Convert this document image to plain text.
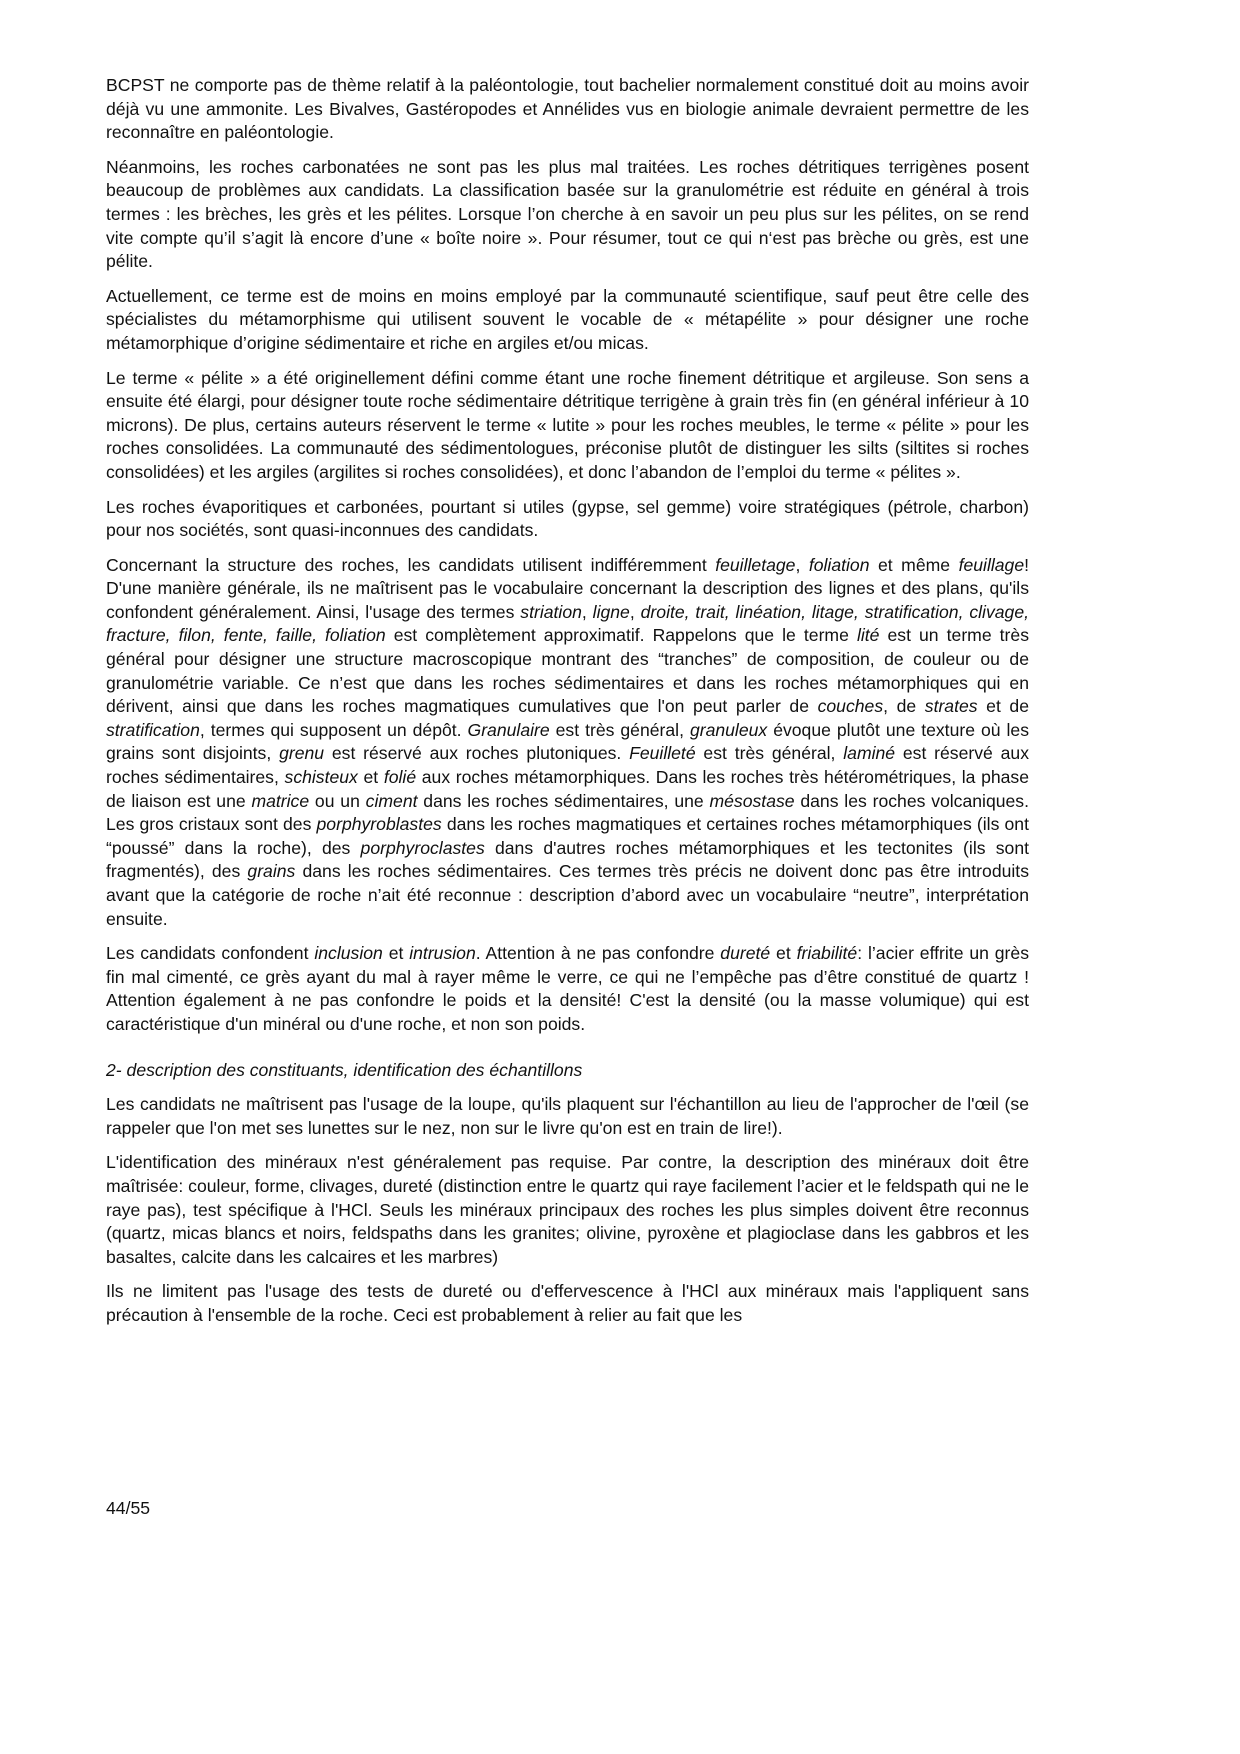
BCPST ne comporte pas de thème relatif à la paléontologie, tout bachelier normalement constitué doit au moins avoir déjà vu une ammonite. Les Bivalves, Gastéropodes et Annélides vus en biologie animale devraient permettre de les reconnaître en paléontologie.

Néanmoins, les roches carbonatées ne sont pas les plus mal traitées. Les roches détritiques terrigènes posent beaucoup de problèmes aux candidats. La classification basée sur la granulométrie est réduite en général à trois termes : les brèches, les grès et les pélites. Lorsque l’on cherche à en savoir un peu plus sur les pélites, on se rend vite compte qu’il s’agit là encore d’une « boîte noire ». Pour résumer, tout ce qui n‘est pas brèche ou grès, est une pélite.

Actuellement, ce terme est de moins en moins employé par la communauté scientifique, sauf peut être celle des spécialistes du métamorphisme qui utilisent souvent le vocable de « métapélite » pour désigner une roche métamorphique d’origine sédimentaire et riche en argiles et/ou micas.

Le terme « pélite » a été originellement défini comme étant une roche finement détritique et argileuse. Son sens a ensuite été élargi, pour désigner toute roche sédimentaire détritique terrigène à grain très fin (en général inférieur à 10 microns). De plus, certains auteurs réservent le terme « lutite » pour les roches meubles, le terme « pélite » pour les roches consolidées. La communauté des sédimentologues, préconise plutôt de distinguer les silts (siltites si roches consolidées) et les argiles (argilites si roches consolidées), et donc l’abandon de l’emploi du terme « pélites ».

Les roches évaporitiques et carbonées, pourtant si utiles (gypse, sel gemme) voire stratégiques (pétrole, charbon) pour nos sociétés, sont quasi-inconnues des candidats.

Concernant la structure des roches, les candidats utilisent indifféremment feuilletage, foliation et même feuillage! D'une manière générale, ils ne maîtrisent pas le vocabulaire concernant la description des lignes et des plans, qu'ils confondent généralement. Ainsi, l'usage des termes striation, ligne, droite, trait, linéation, litage, stratification, clivage, fracture, filon, fente, faille, foliation est complètement approximatif. Rappelons que le terme lité est un terme très général pour désigner une structure macroscopique montrant des “tranches” de composition, de couleur ou de granulométrie variable. Ce n’est que dans les roches sédimentaires et dans les roches métamorphiques qui en dérivent, ainsi que dans les roches magmatiques cumulatives que l'on peut parler de couches, de strates et de stratification, termes qui supposent un dépôt. Granulaire est très général, granuleux évoque plutôt une texture où les grains sont disjoints, grenu est réservé aux roches plutoniques. Feuilleté est très général, laminé est réservé aux roches sédimentaires, schisteux et folié aux roches métamorphiques. Dans les roches très hétérométriques, la phase de liaison est une matrice ou un ciment dans les roches sédimentaires, une mésostase dans les roches volcaniques. Les gros cristaux sont des porphyroblastes dans les roches magmatiques et certaines roches métamorphiques (ils ont “poussé” dans la roche), des porphyroclastes dans d'autres roches métamorphiques et les tectonites (ils sont fragmentés), des grains dans les roches sédimentaires. Ces termes très précis ne doivent donc pas être introduits avant que la catégorie de roche n’ait été reconnue : description d’abord avec un vocabulaire “neutre”, interprétation ensuite.

Les candidats confondent inclusion et intrusion. Attention à ne pas confondre dureté et friabilité: l’acier effrite un grès fin mal cimenté, ce grès ayant du mal à rayer même le verre, ce qui ne l’empêche pas d’être constitué de quartz ! Attention également à ne pas confondre le poids et la densité! C'est la densité (ou la masse volumique) qui est caractéristique d'un minéral ou d'une roche, et non son poids.

2- description des constituants, identification des échantillons

Les candidats ne maîtrisent pas l'usage de la loupe, qu'ils plaquent sur l'échantillon au lieu de l'approcher de l'œil (se rappeler que l'on met ses lunettes sur le nez, non sur le livre qu'on est en train de lire!).

L'identification des minéraux n'est généralement pas requise. Par contre, la description des minéraux doit être maîtrisée: couleur, forme, clivages, dureté (distinction entre le quartz qui raye facilement l’acier et le feldspath qui ne le raye pas), test spécifique à l'HCl. Seuls les minéraux principaux des roches les plus simples doivent être reconnus (quartz, micas blancs et noirs, feldspaths dans les granites; olivine, pyroxène et plagioclase dans les gabbros et les basaltes, calcite dans les calcaires et les marbres)

Ils ne limitent pas l'usage des tests de dureté ou d'effervescence à l'HCl aux minéraux mais l'appliquent sans précaution à l'ensemble de la roche. Ceci est probablement à relier au fait que les

44/55
